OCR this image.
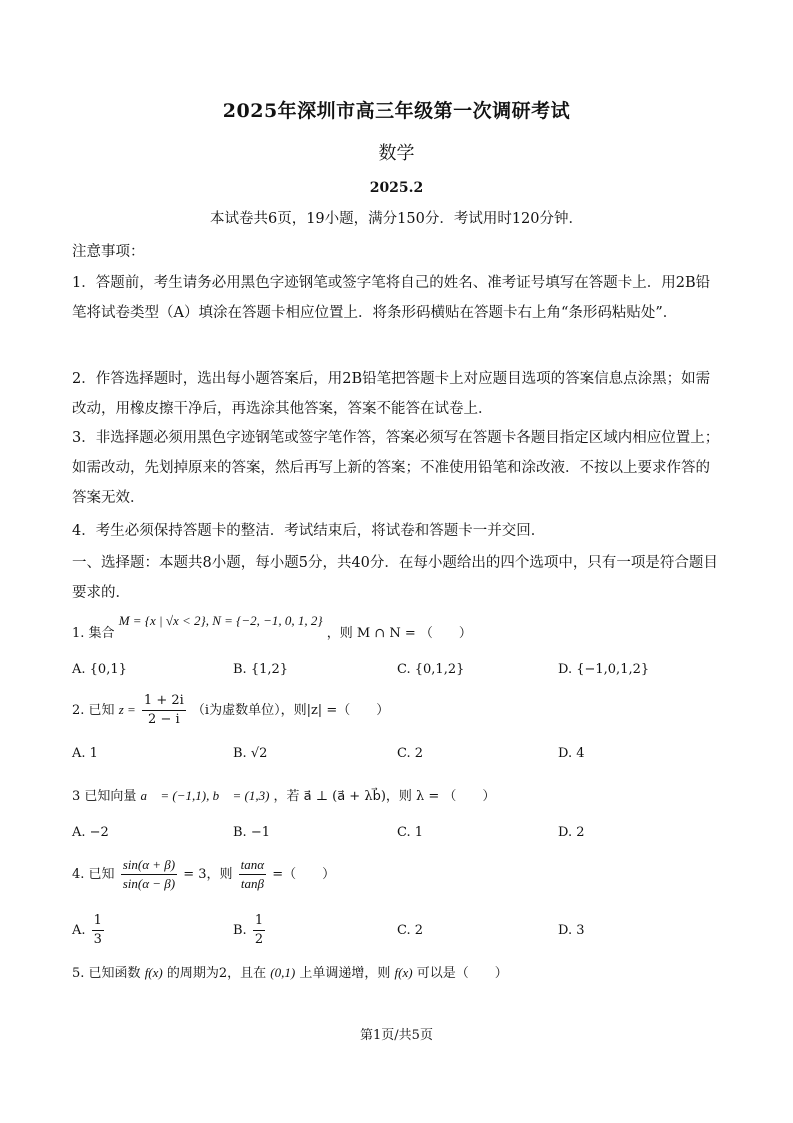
2025年深圳市高三年级第一次调研考试
数学
2025.2
本试卷共6页，19小题，满分150分．考试用时120分钟．
注意事项：
1．答题前，考生请务必用黑色字迹钢笔或签字笔将自己的姓名、准考证号填写在答题卡上．用2B铅笔将试卷类型（A）填涂在答题卡相应位置上．将条形码横贴在答题卡右上角“条形码粘贴处”．
2．作答选择题时，选出每小题答案后，用2B铅笔把答题卡上对应题目选项的答案信息点涂黑；如需改动，用橡皮擦干净后，再选涂其他答案，答案不能答在试卷上．
3．非选择题必须用黑色字迹钢笔或签字笔作答，答案必须写在答题卡各题目指定区域内相应位置上；如需改动，先划掉原来的答案，然后再写上新的答案；不准使用铅笔和涂改液．不按以上要求作答的答案无效．
4．考生必须保持答题卡的整洁．考试结束后，将试卷和答题卡一并交回．
一、选择题：本题共8小题，每小题5分，共40分．在每小题给出的四个选项中，只有一项是符合题目要求的．
1. 集合 M = {x | √x < 2}, N = {−2, −1, 0, 1, 2} ，则 M ∩ N = （　　）
A. {0,1}	B. {1,2}	C. {0,1,2}	D. {−1,0,1,2}
2. 已知 $z = \frac{1 + 2i}{2 - i} (i$为虚数单位），则|z| =（　　）
A. 1	B. √2	C. 2	D. 4
3 已知向量 a⃗ = (−1,1), b⃗ = (1,3) ，若 a⃗ ⊥ (a⃗ + λb⃗)，则 λ = （　　）
A. −2	B. −1	C. 1	D. 2
4. 已知 $\frac{\sin(\alpha + \beta)}{\sin(\alpha - \beta)} = 3$，则 $\frac{\tan\alpha}{\tan\beta}$ =（　　）
A. $\frac{1}{3}$	B. $\frac{1}{2}$	C. 2	D. 3
5. 已知函数 f(x) 的周期为2，且在 (0,1) 上单调递增，则 f(x) 可以是（　　）
第1页/共5页
